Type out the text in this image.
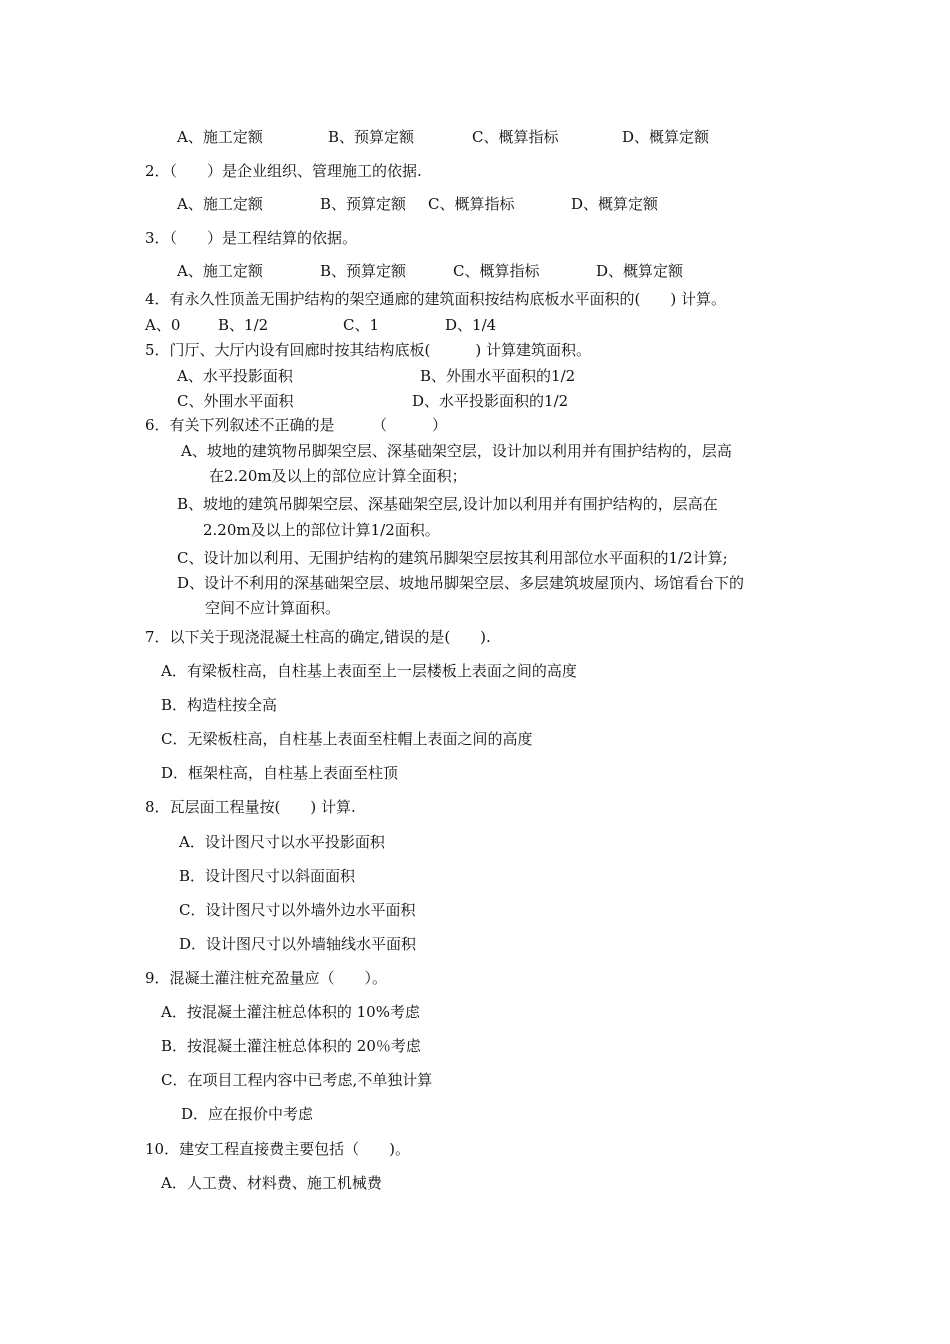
A、施工定额	B、预算定额	C、概算指标	D、概算定额
2．（　　）是企业组织、管理施工的依据.
A、施工定额	B、预算定额 C、概算指标	D、概算定额
3．（　　）是工程结算的依据。
A、施工定额	B、预算定额	C、概算指标	D、概算定额
4．有永久性顶盖无围护结构的架空通廊的建筑面积按结构底板水平面积的(　　) 计算。
A、0	B、1/2	C、1	D、1/4
5．门厅、大厅内设有回廊时按其结构底板(　　　) 计算建筑面积。
A、水平投影面积	B、外围水平面积的1/2
C、外围水平面积	D、水平投影面积的1/2
6．有关下列叙述不正确的是　　　（　　　）
A、坡地的建筑物吊脚架空层、深基础架空层，设计加以利用并有围护结构的，层高
在2.20m及以上的部位应计算全面积；
B、坡地的建筑吊脚架空层、深基础架空层,设计加以利用并有围护结构的，层高在
2.20m及以上的部位计算1/2面积。
C、设计加以利用、无围护结构的建筑吊脚架空层按其利用部位水平面积的1/2计算;
D、设计不利用的深基础架空层、坡地吊脚架空层、多层建筑坡屋顶内、场馆看台下的
空间不应计算面积。
7．以下关于现浇混凝土柱高的确定,错误的是(　　).
A．有梁板柱高，自柱基上表面至上一层楼板上表面之间的高度
B．构造柱按全高
C．无梁板柱高，自柱基上表面至柱帽上表面之间的高度
D．框架柱高，自柱基上表面至柱顶
8．瓦层面工程量按(　　) 计算.
A．设计图尺寸以水平投影面积
B．设计图尺寸以斜面面积
C．设计图尺寸以外墙外边水平面积
D．设计图尺寸以外墙轴线水平面积
9．混凝土灌注桩充盈量应（　　）。
A．按混凝土灌注桩总体积的 10%考虑
B．按混凝土灌注桩总体积的 20％考虑
C．在项目工程内容中已考虑,不单独计算
D．应在报价中考虑
10．建安工程直接费主要包括（　　)。
A．人工费、材料费、施工机械费
